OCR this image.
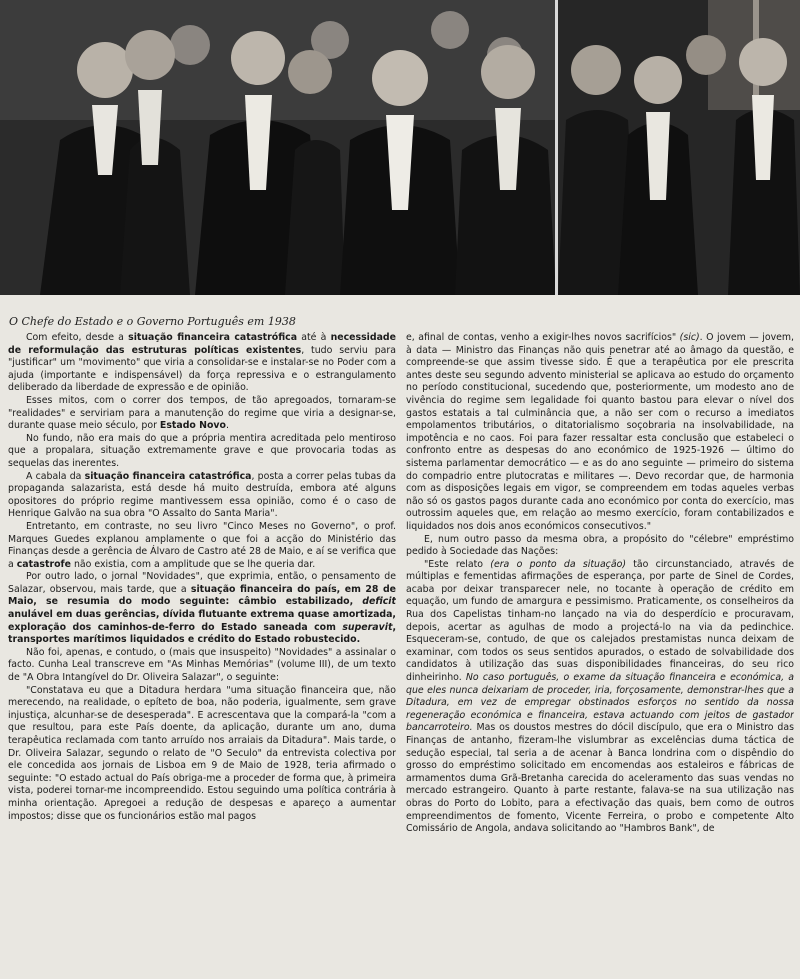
O Chefe do Estado e o Governo Português em 1938

Com efeito, desde a situação financeira catastrófica até à necessidade de reformulação das estruturas políticas existentes, tudo serviu para "justificar" um "movimento" que viria a consolidar-se e instalar-se no Poder com a ajuda (importante e indispensável) da força repressiva e o estrangulamento deliberado da liberdade de expressão e de opinião.

Esses mitos, com o correr dos tempos, de tão apregoados, tornaram-se "realidades" e serviriam para a manutenção do regime que viria a designar-se, durante quase meio século, por Estado Novo.

No fundo, não era mais do que a própria mentira acreditada pelo mentiroso que a propalara, situação extremamente grave e que provocaria todas as sequelas das inerentes.

A cabala da situação financeira catastrófica, posta a correr pelas tubas da propaganda salazarista, está desde há muito destruída, embora até alguns opositores do próprio regime mantivessem essa opinião, como é o caso de Henrique Galvão na sua obra "O Assalto do Santa Maria".

Entretanto, em contraste, no seu livro "Cinco Meses no Governo", o prof. Marques Guedes explanou amplamente o que foi a acção do Ministério das Finanças desde a gerência de Álvaro de Castro até 28 de Maio, e aí se verifica que a catastrofe não existia, com a amplitude que se lhe queria dar.

Por outro lado, o jornal "Novidades", que exprimia, então, o pensamento de Salazar, observou, mais tarde, que a situação financeira do país, em 28 de Maio, se resumia do modo seguinte: câmbio estabilizado, deficit anulável em duas gerências, dívida flutuante extrema quase amortizada, exploração dos caminhos-de-ferro do Estado saneada com superavit, transportes marítimos liquidados e crédito do Estado robustecido.

Não foi, apenas, e contudo, o (mais que insuspeito) "Novidades" a assinalar o facto. Cunha Leal transcreve em "As Minhas Memórias" (volume III), de um texto de "A Obra Intangível do Dr. Oliveira Salazar", o seguinte:

"Constatava eu que a Ditadura herdara "uma situação financeira que, não merecendo, na realidade, o epíteto de boa, não poderia, igualmente, sem grave injustiça, alcunhar-se de desesperada". E acrescentava que la compará-la "com a que resultou, para este País doente, da aplicação, durante um ano, duma terapêutica reclamada com tanto arruído nos arraiais da Ditadura". Mais tarde, o Dr. Oliveira Salazar, segundo o relato de "O Seculo" da entrevista colectiva por ele concedida aos jornais de Lisboa em 9 de Maio de 1928, teria afirmado o seguinte: "O estado actual do País obriga-me a proceder de forma que, à primeira vista, poderei tornar-me incompreendido. Estou seguindo uma política contrária à minha orientação. Apregoei a redução de despesas e apareço a aumentar impostos; disse que os funcionários estão mal pagos

e, afinal de contas, venho a exigir-lhes novos sacrifícios" (sic). O jovem — jovem, à data — Ministro das Finanças não quis penetrar até ao âmago da questão, e compreende-se que assim tivesse sido. É que a terapêutica por ele prescrita antes deste seu segundo advento ministerial se aplicava ao estudo do orçamento no período constitucional, sucedendo que, posteriormente, um modesto ano de vivência do regime sem legalidade foi quanto bastou para elevar o nível dos gastos estatais a tal culminância que, a não ser com o recurso a imediatos empolamentos tributários, o ditatorialismo soçobraria na insolvabilidade, na impotência e no caos. Foi para fazer ressaltar esta conclusão que estabeleci o confronto entre as despesas do ano económico de 1925-1926 — último do sistema parlamentar democrático — e as do ano seguinte — primeiro do sistema do compadrio entre plutocratas e militares —. Devo recordar que, de harmonia com as disposições legais em vigor, se compreendem em todas aqueles verbas não só os gastos pagos durante cada ano económico por conta do exercício, mas outrossim aqueles que, em relação ao mesmo exercício, foram contabilizados e liquidados nos dois anos económicos consecutivos."

E, num outro passo da mesma obra, a propósito do "célebre" empréstimo pedido à Sociedade das Nações:

"Este relato (era o ponto da situação) tão circunstanciado, através de múltiplas e fementidas afirmações de esperança, por parte de Sinel de Cordes, acaba por deixar transparecer nele, no tocante à operação de crédito em equação, um fundo de amargura e pessimismo. Praticamente, os conselheiros da Rua dos Capelistas tinham-no lançado na via do desperdício e procuravam, depois, acertar as agulhas de modo a projectá-lo na via da pedinchice. Esqueceram-se, contudo, de que os calejados prestamistas nunca deixam de examinar, com todos os seus sentidos apurados, o estado de solvabilidade dos candidatos à utilização das suas disponibilidades financeiras, do seu rico dinheirinho. No caso português, o exame da situação financeira e económica, a que eles nunca deixariam de proceder, iria, forçosamente, demonstrar-lhes que a Ditadura, em vez de empregar obstinados esforços no sentido da nossa regeneração económica e financeira, estava actuando com jeitos de gastador bancarroteiro. Mas os doustos mestres do dócil discípulo, que era o Ministro das Finanças de antanho, fizeram-lhe vislumbrar as excelências duma táctica de sedução especial, tal seria a de acenar à Banca londrina com o dispêndio do grosso do empréstimo solicitado em encomendas aos estaleiros e fábricas de armamentos duma Grã-Bretanha carecida do aceleramento das suas vendas no mercado estrangeiro. Quanto à parte restante, falava-se na sua utilização nas obras do Porto do Lobito, para a efectivação das quais, bem como de outros empreendimentos de fomento, Vicente Ferreira, o probo e competente Alto Comissário de Angola, andava solicitando ao "Hambros Bank", de
